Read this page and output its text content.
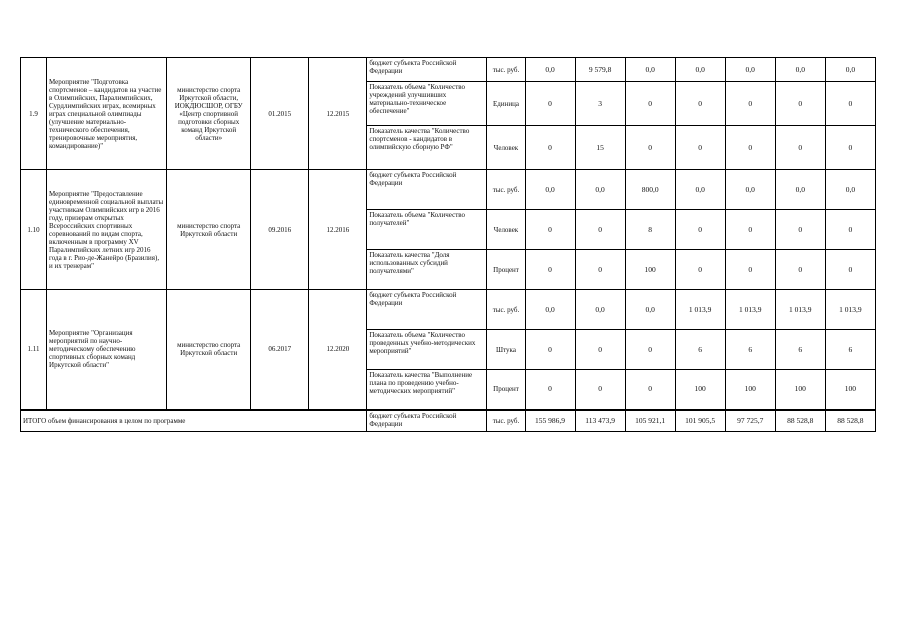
1.9	Мероприятие "Подготовка спортсменов – кандидатов на участие в Олимпийских, Паралимпийских, Сурдлимпийских играх, всемирных играх специальной олимпиады (улучшение материально-технического обеспечения, тренировочные мероприятия, командирование)"	министерство спорта Иркутской области, ИОКДЮСШОР, ОГБУ «Центр спортивной подготовки сборных команд Иркутской области»	01.2015	12.2015	бюджет субъекта Российской Федерации	тыс. руб.	0,0	9 579,8	0,0	0,0	0,0	0,0	0,0
					Показатель объема "Количество учреждений улучшивших материально-техническое обеспечение"	Единица	0	3	0	0	0	0	0
					Показатель качества "Количество спортсменов - кандидатов в олимпийскую сборную РФ"	Человек	0	15	0	0	0	0	0
1.10	Мероприятие "Предоставление единовременной социальной выплаты участникам Олимпийских игр в 2016 году, призерам открытых Всероссийских спортивных соревнований по видам спорта, включенным в программу XV Паралимпийских летних игр 2016 года в г. Рио-де-Жанейро (Бразилия), и их тренерам"	министерство спорта Иркутской области	09.2016	12.2016	бюджет субъекта Российской Федерации	тыс. руб.	0,0	0,0	800,0	0,0	0,0	0,0	0,0
					Показатель объема "Количество получателей"	Человек	0	0	8	0	0	0	0
					Показатель качества "Доля использованных субсидий получателями"	Процент	0	0	100	0	0	0	0
1.11	Мероприятие "Организация мероприятий по научно-методическому обеспечению спортивных сборных команд Иркутской области"	министерство спорта Иркутской области	06.2017	12.2020	бюджет субъекта Российской Федерации	тыс. руб.	0,0	0,0	0,0	1 013,9	1 013,9	1 013,9	1 013,9
					Показатель объема "Количество проведенных учебно-методических мероприятий"	Штука	0	0	0	6	6	6	6
					Показатель качества "Выполнение плана по проведению учебно-методических мероприятий"	Процент	0	0	0	100	100	100	100
ИТОГО объем финансирования в целом по программе					бюджет субъекта Российской Федерации	тыс. руб.	155 986,9	113 473,9	105 921,1	101 905,5	97 725,7	88 528,8	88 528,8
